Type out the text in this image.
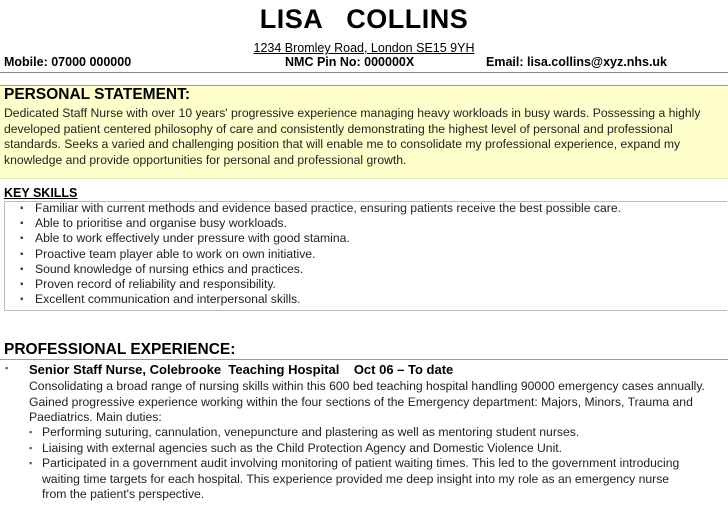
LISA   COLLINS
1234 Bromley Road, London SE15 9YH
Mobile: 07000 000000	NMC Pin No: 000000X	Email: lisa.collins@xyz.nhs.uk
PERSONAL STATEMENT:
Dedicated Staff Nurse with over 10 years' progressive experience managing heavy workloads in busy wards. Possessing a highly developed patient centered philosophy of care and consistently demonstrating the highest level of personal and professional standards. Seeks a varied and challenging position that will enable me to consolidate my professional experience, expand my knowledge and provide opportunities for personal and professional growth.
KEY SKILLS
▪ Familiar with current methods and evidence based practice, ensuring patients receive the best possible care.
▪ Able to prioritise and organise busy workloads.
▪ Able to work effectively under pressure with good stamina.
▪ Proactive team player able to work on own initiative.
▪ Sound knowledge of nursing ethics and practices.
▪ Proven record of reliability and responsibility.
▪ Excellent communication and interpersonal skills.
PROFESSIONAL EXPERIENCE:
▪ Senior Staff Nurse, Colebrooke  Teaching Hospital    Oct 06 – To date
Consolidating a broad range of nursing skills within this 600 bed teaching hospital handling 90000 emergency cases annually. Gained progressive experience working within the four sections of the Emergency department: Majors, Minors, Trauma and Paediatrics. Main duties:
▪ Performing suturing, cannulation, venepuncture and plastering as well as mentoring student nurses.
▪ Liaising with external agencies such as the Child Protection Agency and Domestic Violence Unit.
▪ Participated in a government audit involving monitoring of patient waiting times. This led to the government introducing waiting time targets for each hospital. This experience provided me deep insight into my role as an emergency nurse from the patient's perspective.
